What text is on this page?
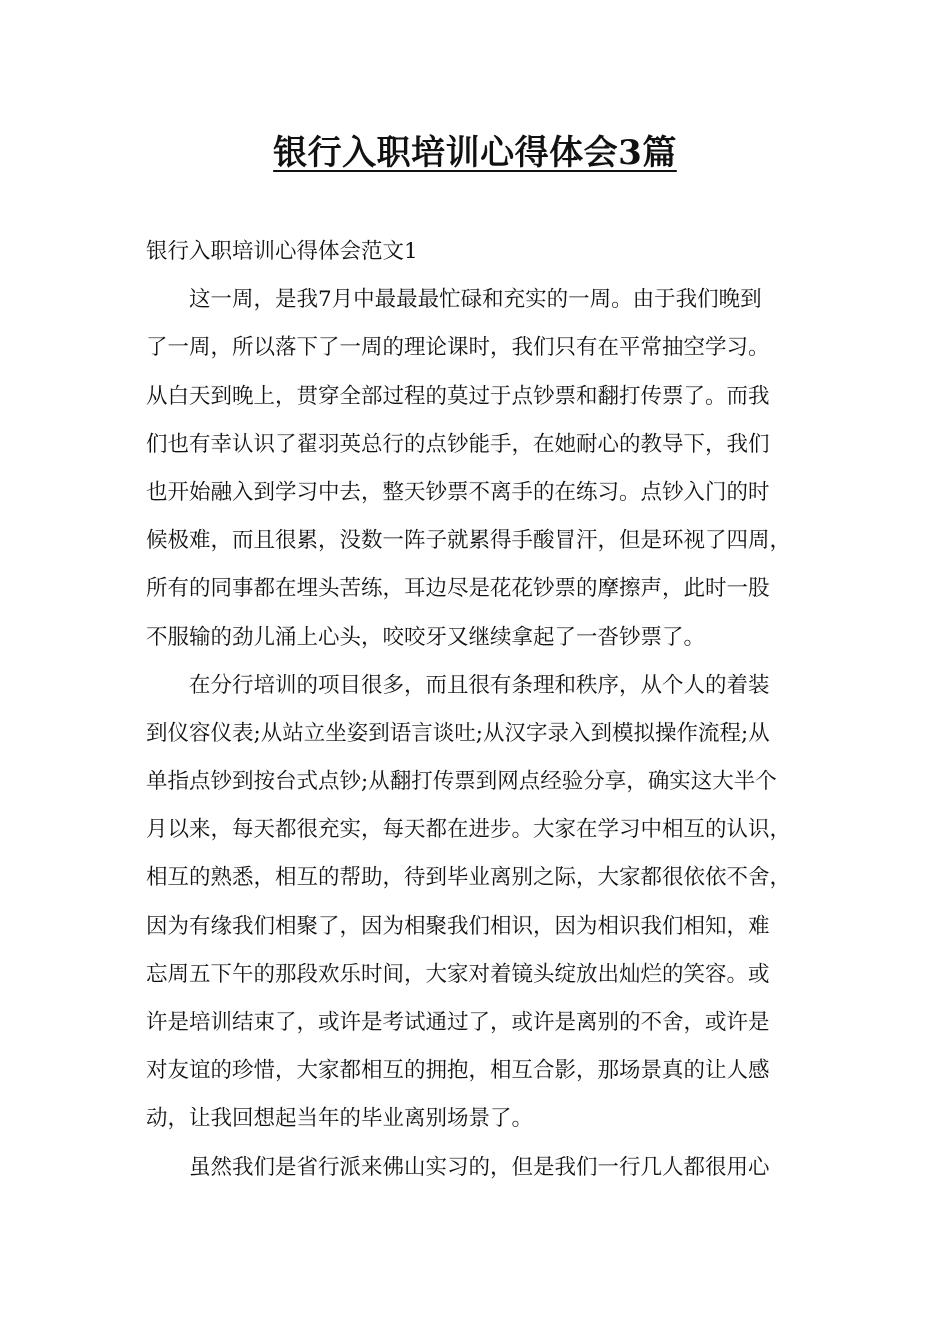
银行入职培训心得体会3篇
银行入职培训心得体会范文1
这一周，是我7月中最最最忙碌和充实的一周。由于我们晚到
了一周，所以落下了一周的理论课时，我们只有在平常抽空学习。
从白天到晚上，贯穿全部过程的莫过于点钞票和翻打传票了。而我
们也有幸认识了翟羽英总行的点钞能手，在她耐心的教导下，我们
也开始融入到学习中去，整天钞票不离手的在练习。点钞入门的时
候极难，而且很累，没数一阵子就累得手酸冒汗，但是环视了四周，
所有的同事都在埋头苦练，耳边尽是花花钞票的摩擦声，此时一股
不服输的劲儿涌上心头，咬咬牙又继续拿起了一沓钞票了。
在分行培训的项目很多，而且很有条理和秩序，从个人的着装
到仪容仪表;从站立坐姿到语言谈吐;从汉字录入到模拟操作流程;从
单指点钞到按台式点钞;从翻打传票到网点经验分享，确实这大半个
月以来，每天都很充实，每天都在进步。大家在学习中相互的认识，
相互的熟悉，相互的帮助，待到毕业离别之际，大家都很依依不舍，
因为有缘我们相聚了，因为相聚我们相识，因为相识我们相知，难
忘周五下午的那段欢乐时间，大家对着镜头绽放出灿烂的笑容。或
许是培训结束了，或许是考试通过了，或许是离别的不舍，或许是
对友谊的珍惜，大家都相互的拥抱，相互合影，那场景真的让人感
动，让我回想起当年的毕业离别场景了。
虽然我们是省行派来佛山实习的，但是我们一行几人都很用心
